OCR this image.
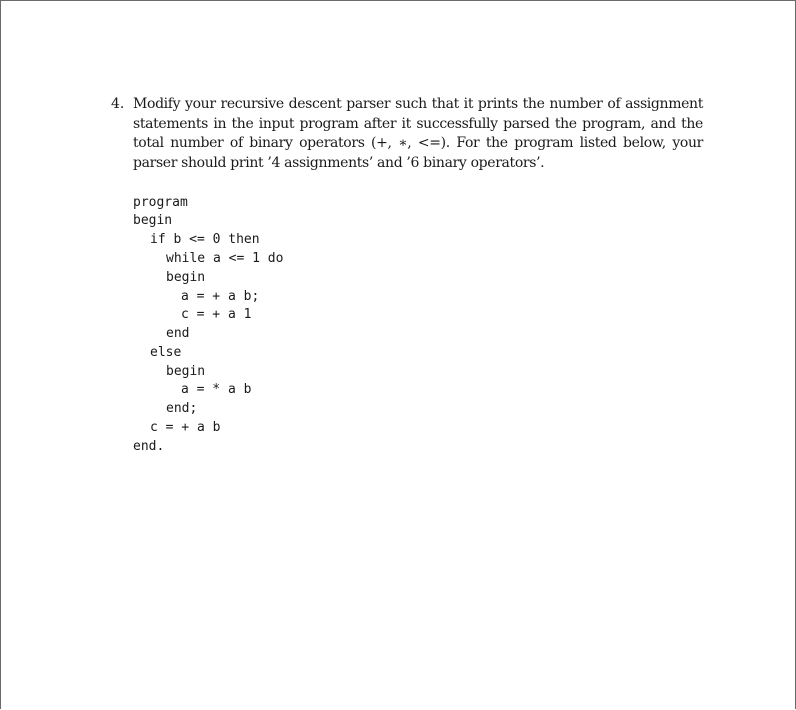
4. Modify your recursive descent parser such that it prints the number of assignment
statements in the input program after it successfully parsed the program, and the
total number of binary operators (+, ∗, <=). For the program listed below, your
parser should print ’4 assignments’ and ’6 binary operators’.
program
begin
if b <= 0 then
while a <= 1 do
begin
a = + a b;
c = + a 1
end
else
begin
a = * a b
end;
c = + a b
end.
